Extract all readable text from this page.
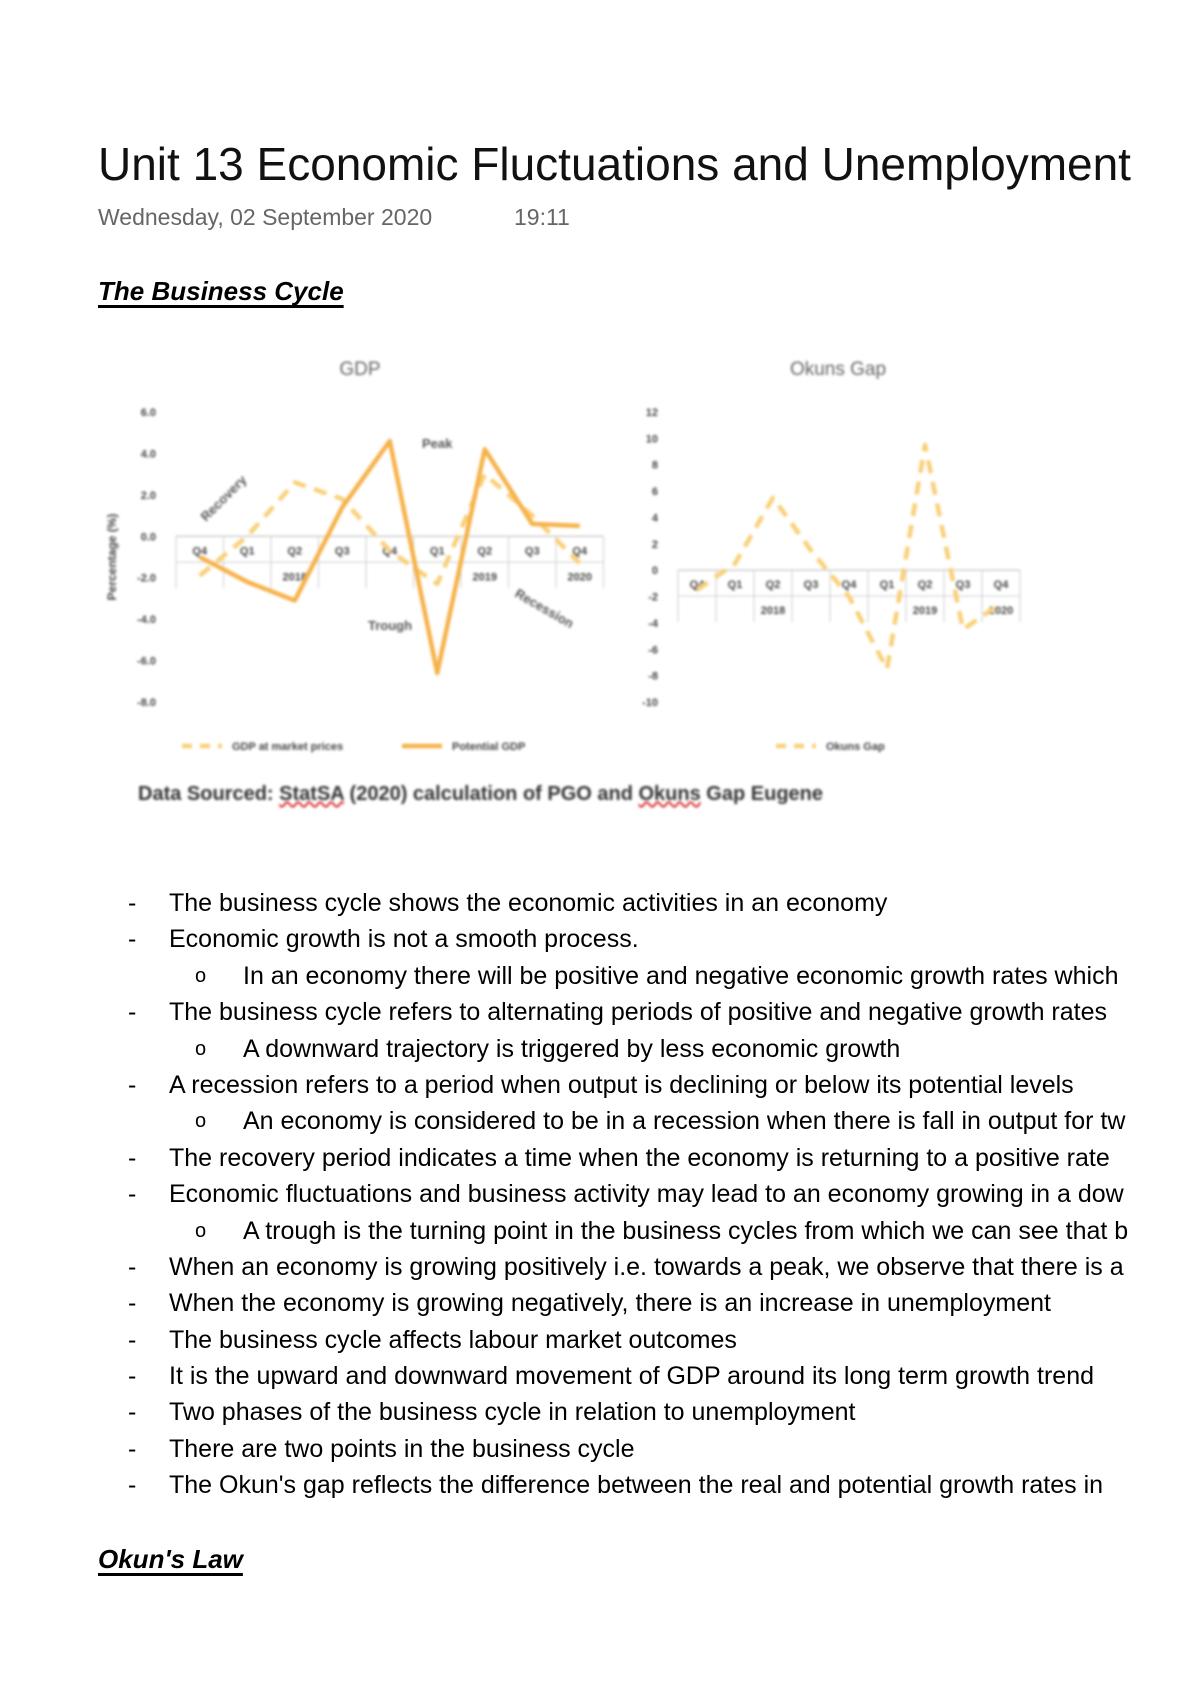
Unit 13 Economic Fluctuations and Unemployment
Wednesday, 02 September 2020	19:11
The Business Cycle
GDP
-8.0
-6.0
-4.0
-2.0
0.0
2.0
4.0
6.0
Percentage (%)	Q4	Q1	Q2	Q3	Q4	Q1	Q2	Q3	Q4
2018	2019	2020
GDP at market prices	Potential GDP
Recovery
Peak
Trough	Recession
Okuns Gap
-10
-8
-6
-4
-2
0
2
4
6
8
10
12
Q4 Q1 Q2 Q3 Q4 Q1 Q2 Q3 Q4
2018	2019	2020
Okuns Gap
Data Sourced: StatSA (2020) calculation of PGO and Okuns Gap Eugene
-	The business cycle shows the economic activities in an economy
-	Economic growth is not a smooth process.
o	In an economy there will be positive and negative economic growth rates which
-	The business cycle refers to alternating periods of positive and negative growth rates
o	A downward trajectory is triggered by less economic growth
-	A recession refers to a period when output is declining or below its potential levels
o	An economy is considered to be in a recession when there is fall in output for tw
-	The recovery period indicates a time when the economy is returning to a positive rate
-	Economic fluctuations and business activity may lead to an economy growing in a dow
o	A trough is the turning point in the business cycles from which we can see that b
-	When an economy is growing positively i.e. towards a peak, we observe that there is a
-	When the economy is growing negatively, there is an increase in unemployment
-	The business cycle affects labour market outcomes
-	It is the upward and downward movement of GDP around its long term growth trend
-	Two phases of the business cycle in relation to unemployment
-	There are two points in the business cycle
-	The Okun's gap reflects the difference between the real and potential growth rates in
Okun's Law
